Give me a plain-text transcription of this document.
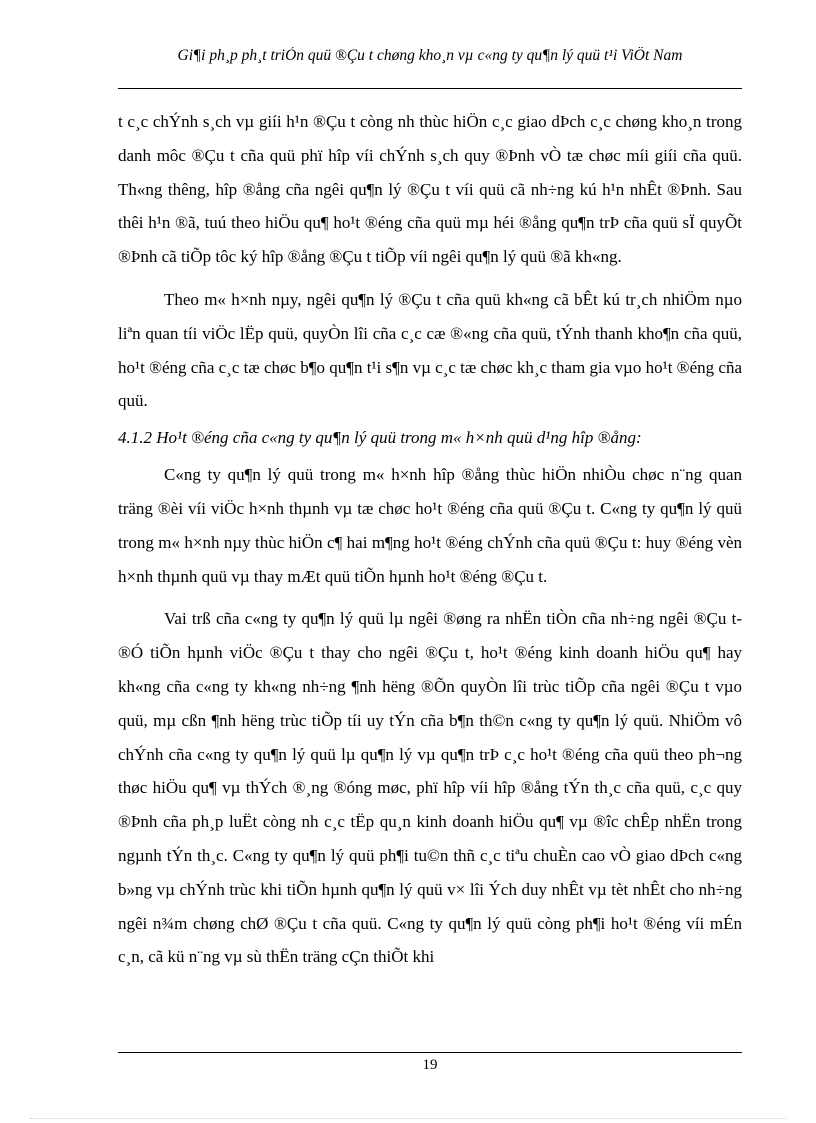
Gi¶i ph¸p ph¸t triÓn quü ®Çu t chøng kho¸n vµ c«ng ty qu¶n lý quü t¹i ViÖt Nam

t c¸c chÝnh s¸ch vµ giíi h¹n ®Çu t còng nh thùc hiÖn c¸c giao dÞch c¸c chøng kho¸n trong danh môc ®Çu t cña quü phï hîp víi chÝnh s¸ch quy ®Þnh vÒ tæ chøc míi giíi cña quü. Th«ng thêng, hîp ®ång cña ngêi qu¶n lý ®Çu t víi quü cã nh÷ng kú h¹n nhÊt ®Þnh. Sau thêi h¹n ®ã, tuú theo hiÖu qu¶ ho¹t ®éng cña quü mµ héi ®ång qu¶n trÞ cña quü sÏ quyÕt ®Þnh cã tiÕp tôc ký hîp ®ång ®Çu t tiÕp víi ngêi qu¶n lý quü ®ã kh«ng.

Theo m« h×nh nµy, ngêi qu¶n lý ®Çu t cña quü kh«ng cã bÊt kú tr¸ch nhiÖm nµo liªn quan tíi viÖc lËp quü, quyÒn lîi cña c¸c cæ ®«ng cña quü, tÝnh thanh kho¶n cña quü, ho¹t ®éng cña c¸c tæ chøc b¶o qu¶n t¹i s¶n vµ c¸c tæ chøc kh¸c tham gia vµo ho¹t ®éng cña quü.

4.1.2 Ho¹t ®éng cña c«ng ty qu¶n lý quü trong m« h×nh quü d¹ng hîp ®ång:

C«ng ty qu¶n lý quü trong m« h×nh hîp ®ång thùc hiÖn nhiÒu chøc n¨ng quan träng ®èi víi viÖc h×nh thµnh vµ tæ chøc ho¹t ®éng cña quü ®Çu t. C«ng ty qu¶n lý quü trong m« h×nh nµy thùc hiÖn c¶ hai m¶ng ho¹t ®éng chÝnh cña quü ®Çu t: huy ®éng vèn h×nh thµnh quü vµ thay mÆt quü tiÕn hµnh ho¹t ®éng ®Çu t.

Vai trß cña c«ng ty qu¶n lý quü lµ ngêi ®øng ra nhËn tiÒn cña nh÷ng ngêi ®Çu t ®Ó tiÕn hµnh viÖc ®Çu t thay cho ngêi ®Çu t, ho¹t ®éng kinh doanh hiÖu qu¶ hay kh«ng cña c«ng ty kh«ng nh÷ng ¶nh hëng ®Õn quyÒn lîi trùc tiÕp cña ngêi ®Çu t vµo quü, mµ cßn ¶nh hëng trùc tiÕp tíi uy tÝn cña b¶n th©n c«ng ty qu¶n lý quü. NhiÖm vô chÝnh cña c«ng ty qu¶n lý quü lµ qu¶n lý vµ qu¶n trÞ c¸c ho¹t ®éng cña quü theo ph¬ng thøc hiÖu qu¶ vµ thÝch ®¸ng ®óng møc, phï hîp víi hîp ®ång tÝn th¸c cña quü, c¸c quy ®Þnh cña ph¸p luËt còng nh c¸c tËp qu¸n kinh doanh hiÖu qu¶ vµ ®îc chÊp nhËn trong ngµnh tÝn th¸c. C«ng ty qu¶n lý quü ph¶i tu©n thñ c¸c tiªu chuÈn cao vÒ giao dÞch c«ng b»ng vµ chÝnh trùc khi tiÕn hµnh qu¶n lý quü v× lîi Ých duy nhÊt vµ tèt nhÊt cho nh÷ng ngêi n¾m chøng chØ ®Çu t cña quü. C«ng ty qu¶n lý quü còng ph¶i ho¹t ®éng víi mÉn c¸n, cã kü n¨ng vµ sù thËn träng cÇn thiÕt khi

19
